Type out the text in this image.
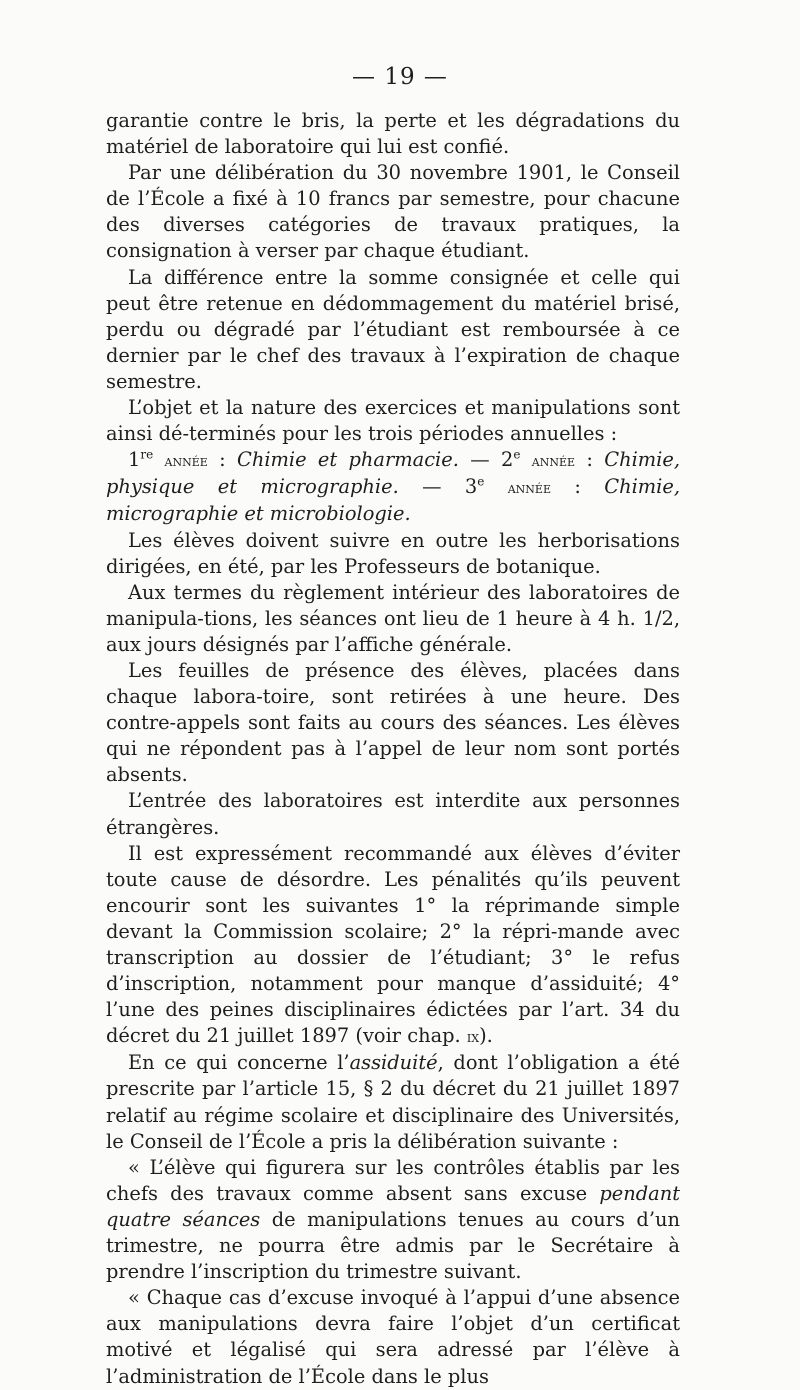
— 19 —

garantie contre le bris, la perte et les dégradations du matériel de laboratoire qui lui est confié.

Par une délibération du 30 novembre 1901, le Conseil de l’École a fixé à 10 francs par semestre, pour chacune des diverses catégories de travaux pratiques, la consignation à verser par chaque étudiant.

La différence entre la somme consignée et celle qui peut être retenue en dédommagement du matériel brisé, perdu ou dégradé par l’étudiant est remboursée à ce dernier par le chef des travaux à l’expiration de chaque semestre.

L’objet et la nature des exercices et manipulations sont ainsi dé-terminés pour les trois périodes annuelles :

1re année : Chimie et pharmacie. — 2e année : Chimie, physique et micrographie. — 3e année : Chimie, micrographie et microbiologie.

Les élèves doivent suivre en outre les herborisations dirigées, en été, par les Professeurs de botanique.

Aux termes du règlement intérieur des laboratoires de manipula-tions, les séances ont lieu de 1 heure à 4 h. 1/2, aux jours désignés par l’affiche générale.

Les feuilles de présence des élèves, placées dans chaque labora-toire, sont retirées à une heure. Des contre-appels sont faits au cours des séances. Les élèves qui ne répondent pas à l’appel de leur nom sont portés absents.

L’entrée des laboratoires est interdite aux personnes étrangères.

Il est expressément recommandé aux élèves d’éviter toute cause de désordre. Les pénalités qu’ils peuvent encourir sont les suivantes 1° la réprimande simple devant la Commission scolaire; 2° la répri-mande avec transcription au dossier de l’étudiant; 3° le refus d’inscription, notamment pour manque d’assiduité; 4° l’une des peines disciplinaires édictées par l’art. 34 du décret du 21 juillet 1897 (voir chap. ix).

En ce qui concerne l’assiduité, dont l’obligation a été prescrite par l’article 15, § 2 du décret du 21 juillet 1897 relatif au régime scolaire et disciplinaire des Universités, le Conseil de l’École a pris la délibération suivante :

« L’élève qui figurera sur les contrôles établis par les chefs des travaux comme absent sans excuse pendant quatre séances de manipulations tenues au cours d’un trimestre, ne pourra être admis par le Secrétaire à prendre l’inscription du trimestre suivant.

« Chaque cas d’excuse invoqué à l’appui d’une absence aux manipulations devra faire l’objet d’un certificat motivé et légalisé qui sera adressé par l’élève à l’administration de l’École dans le plus
